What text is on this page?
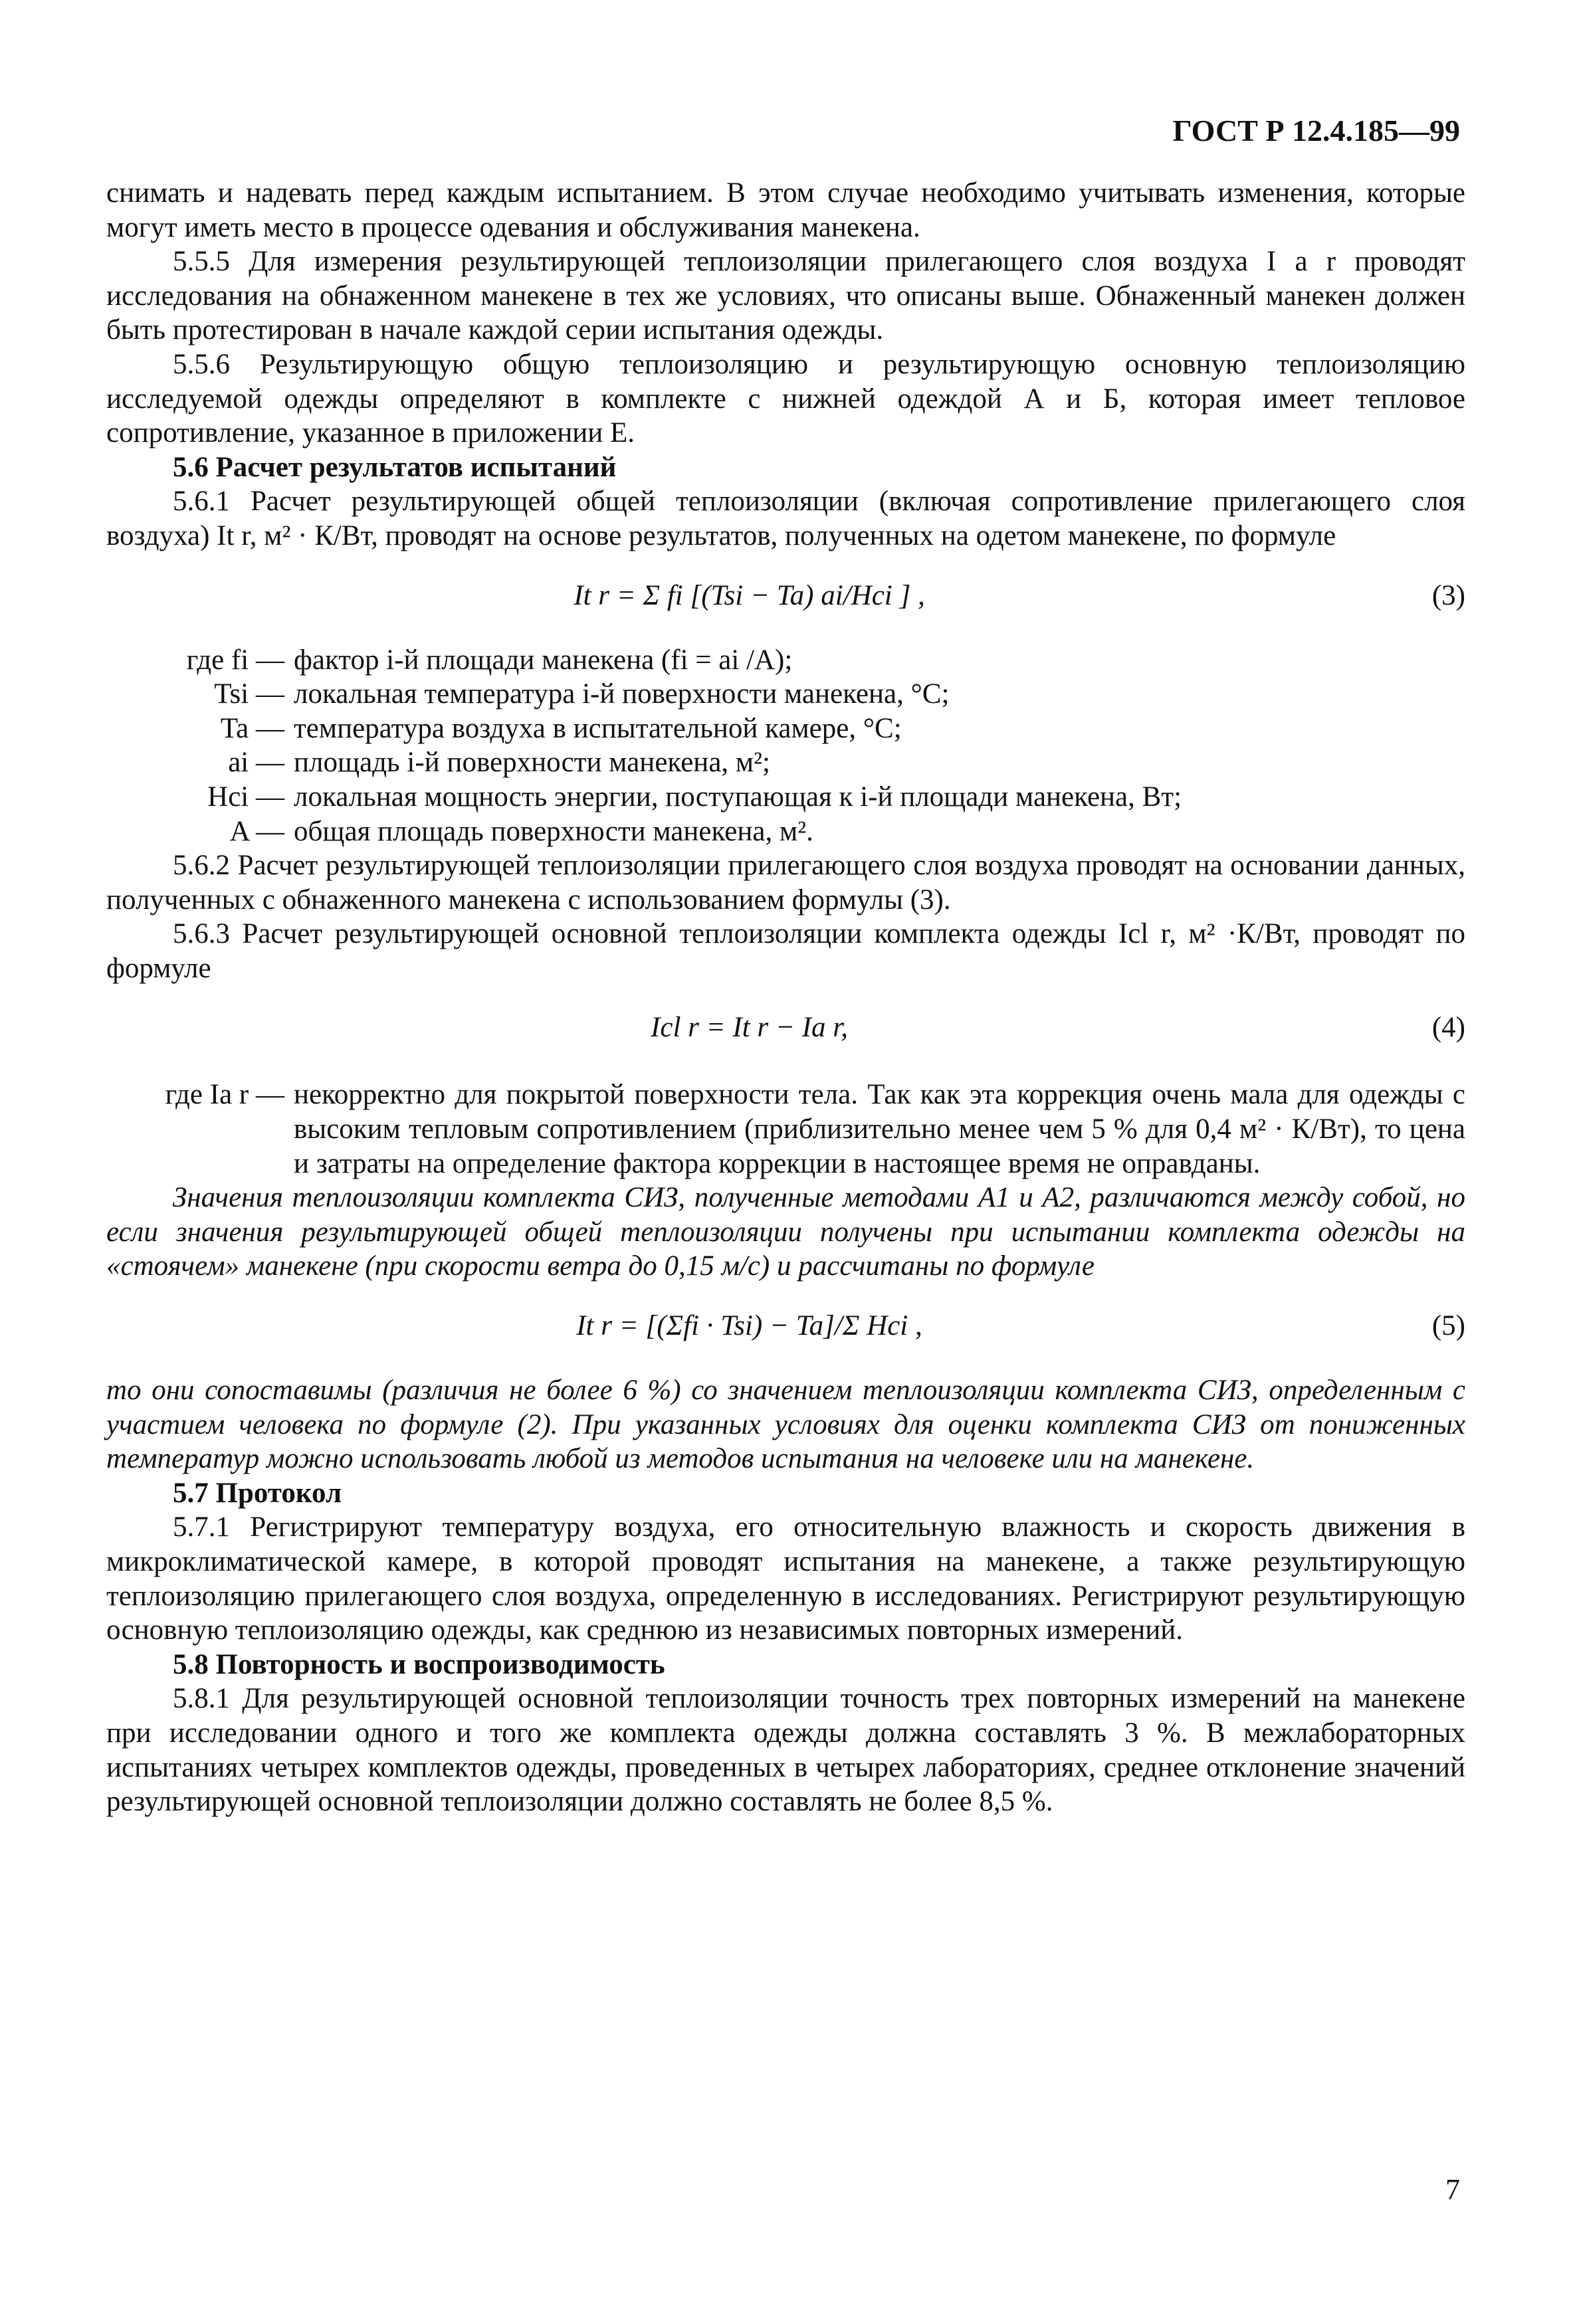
ГОСТ Р 12.4.185—99

снимать и надевать перед каждым испытанием. В этом случае необходимо учитывать изменения, которые могут иметь место в процессе одевания и обслуживания манекена.

5.5.5 Для измерения результирующей теплоизоляции прилегающего слоя воздуха I а r проводят исследования на обнаженном манекене в тех же условиях, что описаны выше. Обнаженный манекен должен быть протестирован в начале каждой серии испытания одежды.

5.5.6 Результирующую общую теплоизоляцию и результирующую основную теплоизоляцию исследуемой одежды определяют в комплекте с нижней одеждой А и Б, которая имеет тепловое сопротивление, указанное в приложении Е.

5.6 Расчет результатов испытаний

5.6.1 Расчет результирующей общей теплоизоляции (включая сопротивление прилегающего слоя воздуха) It r, м² · К/Вт, проводят на основе результатов, полученных на одетом манекене, по формуле

It r = Σ fi [(Tsi − Ta) ai/Hci ] ,	(3)
где fi — фактор i-й площади манекена (fi = ai /A);
Tsi — локальная температура i-й поверхности манекена, °С;
Ta — температура воздуха в испытательной камере, °С;
ai — площадь i-й поверхности манекена, м²;
Hci — локальная мощность энергии, поступающая к i-й площади манекена, Вт;
A — общая площадь поверхности манекена, м².

5.6.2 Расчет результирующей теплоизоляции прилегающего слоя воздуха проводят на основании данных, полученных с обнаженного манекена с использованием формулы (3).

5.6.3 Расчет результирующей основной теплоизоляции комплекта одежды Icl r, м² ·К/Вт, проводят по формуле

Icl r = It r − Ia r,	(4)
где Ia r — некорректно для покрытой поверхности тела. Так как эта коррекция очень мала для одежды с высоким тепловым сопротивлением (приблизительно менее чем 5 % для 0,4 м² · К/Вт), то цена и затраты на определение фактора коррекции в настоящее время не оправданы.

Значения теплоизоляции комплекта СИЗ, полученные методами А1 и А2, различаются между собой, но если значения результирующей общей теплоизоляции получены при испытании комплекта одежды на «стоячем» манекене (при скорости ветра до 0,15 м/с) и рассчитаны по формуле

It r = [(Σfi · Tsi) − Ta]/Σ Hci ,	(5)

то они сопоставимы (различия не более 6 %) со значением теплоизоляции комплекта СИЗ, определенным с участием человека по формуле (2). При указанных условиях для оценки комплекта СИЗ от пониженных температур можно использовать любой из методов испытания на человеке или на манекене.

5.7 Протокол

5.7.1 Регистрируют температуру воздуха, его относительную влажность и скорость движения в микроклиматической камере, в которой проводят испытания на манекене, а также результирующую теплоизоляцию прилегающего слоя воздуха, определенную в исследованиях. Регистрируют результирующую основную теплоизоляцию одежды, как среднюю из независимых повторных измерений.

5.8 Повторность и воспроизводимость

5.8.1 Для результирующей основной теплоизоляции точность трех повторных измерений на манекене при исследовании одного и того же комплекта одежды должна составлять 3 %. В межлабораторных испытаниях четырех комплектов одежды, проведенных в четырех лабораториях, среднее отклонение значений результирующей основной теплоизоляции должно составлять не более 8,5 %.

7
